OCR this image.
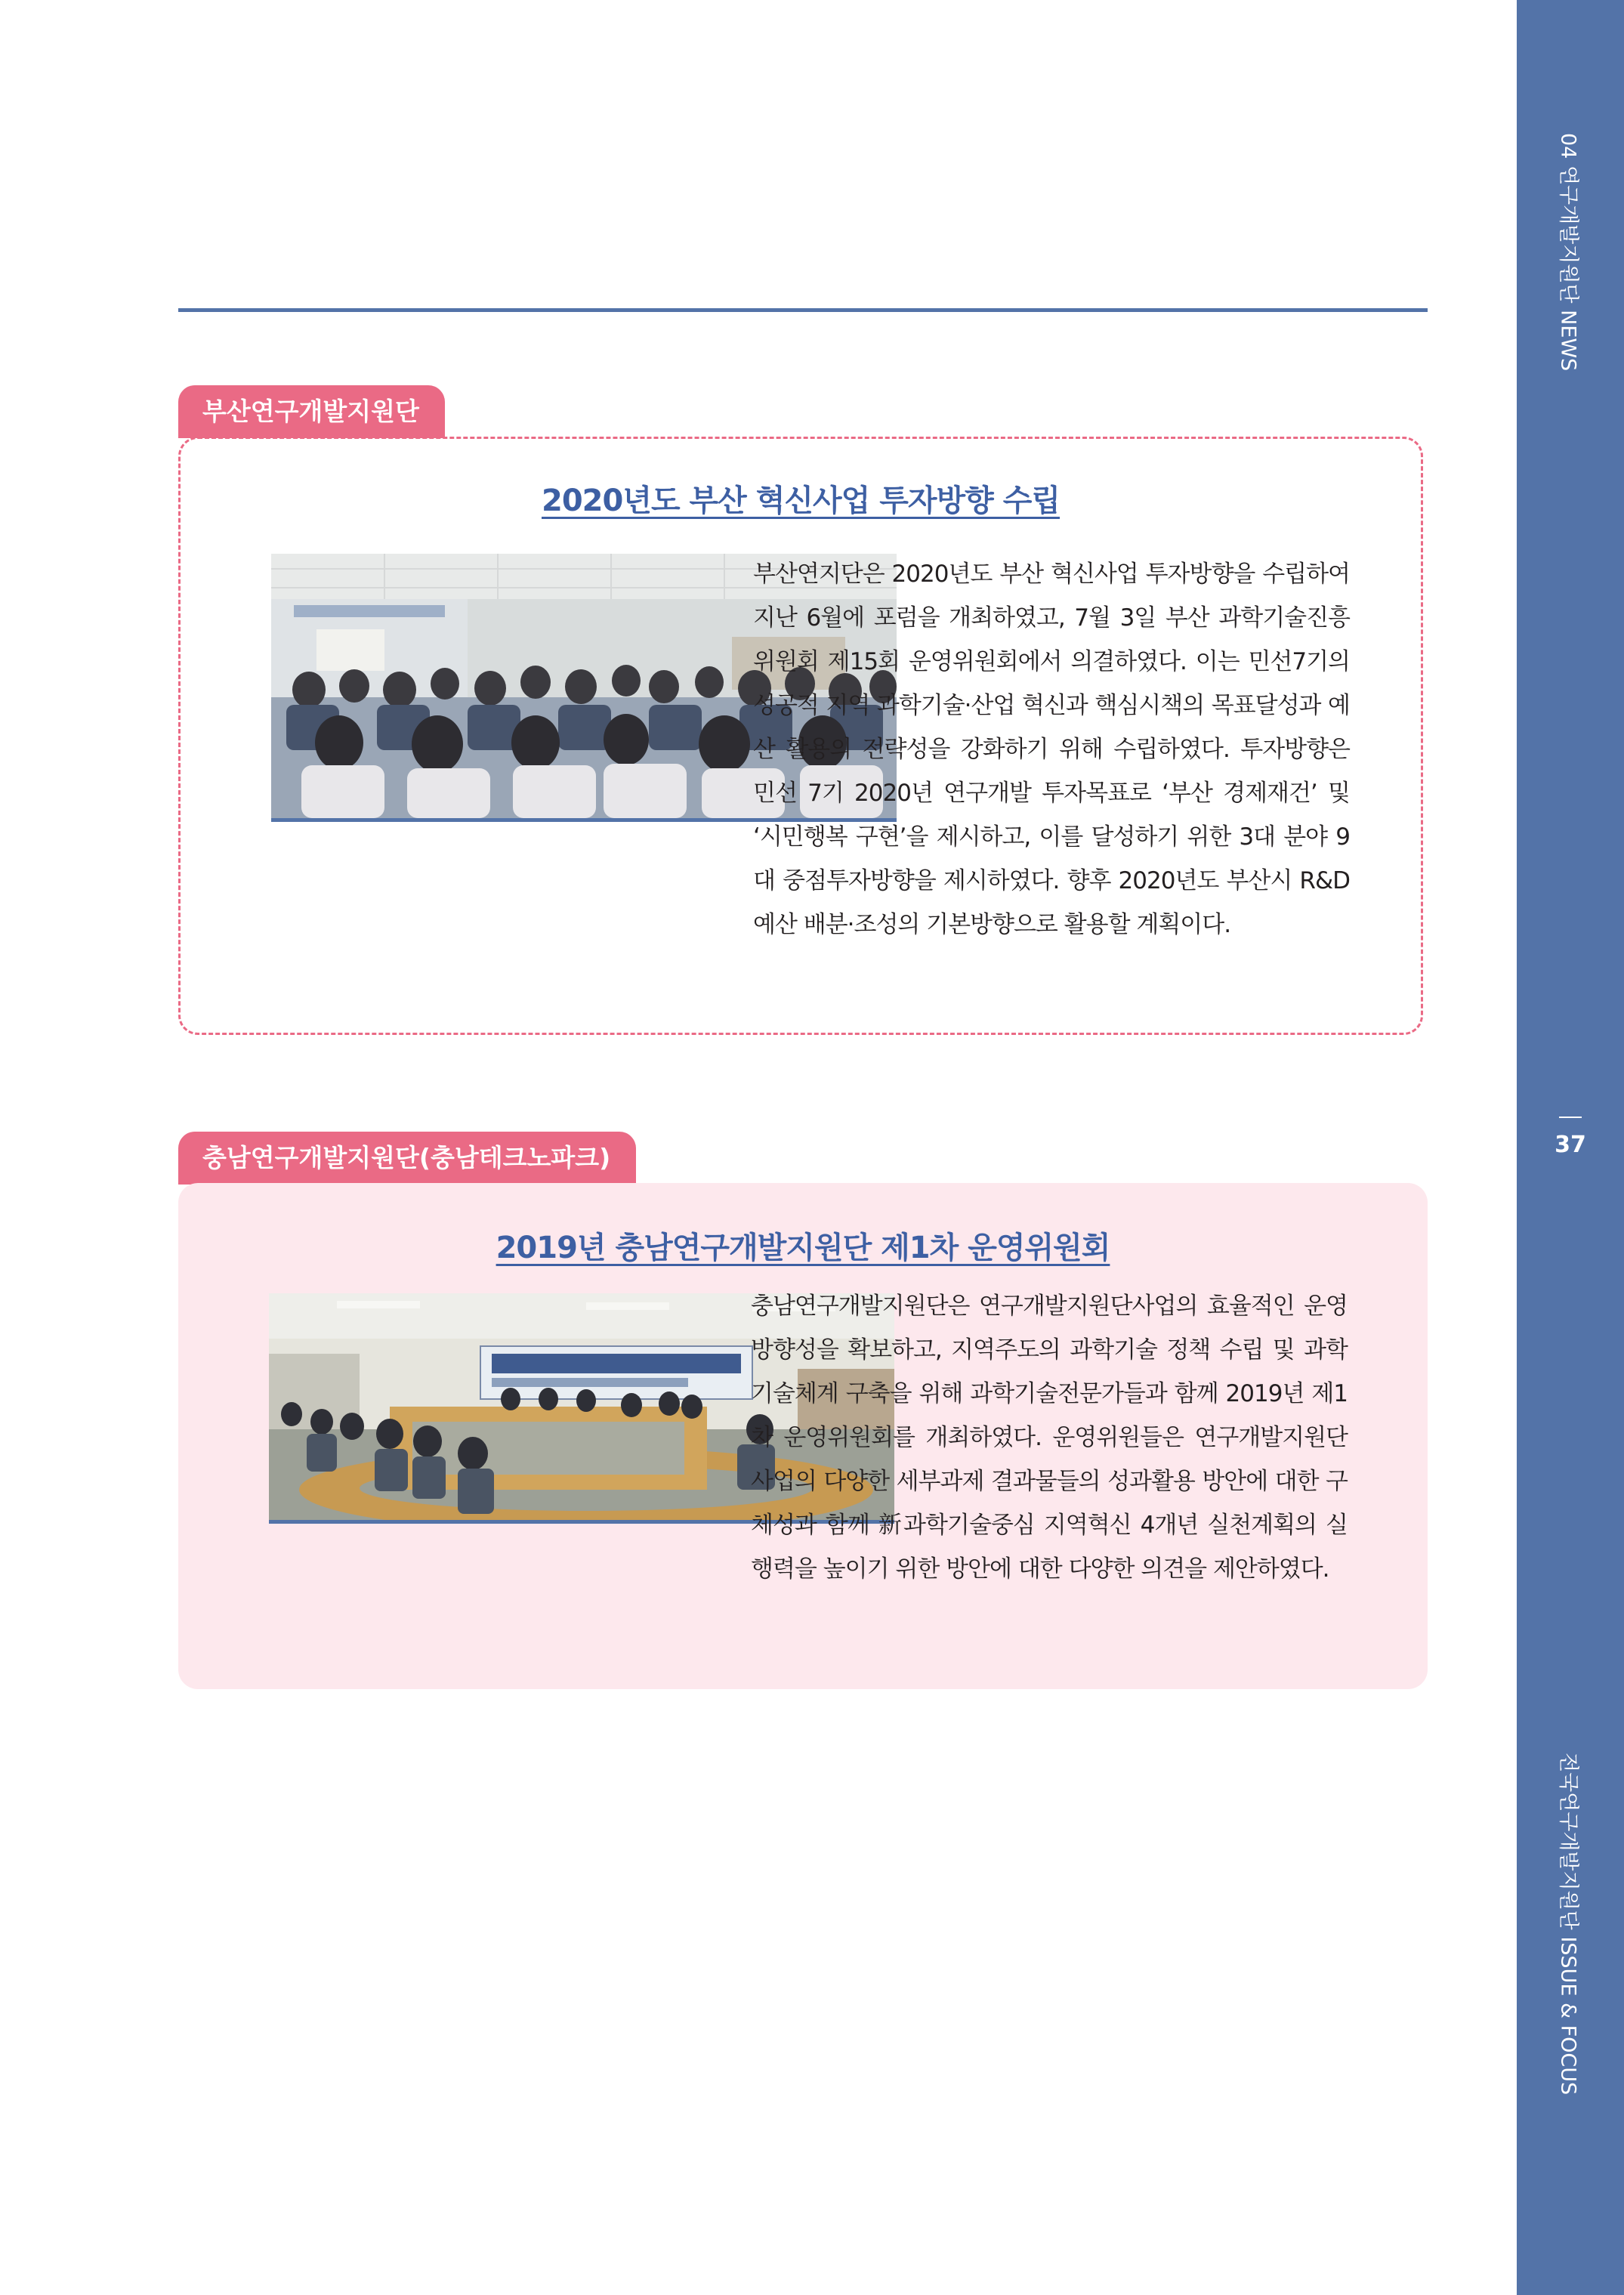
04 연구개발지원단 NEWS
37
전국연구개발지원단 ISSUE & FOCUS
부산연구개발지원단
2020년도 부산 혁신사업 투자방향 수립
부산연지단은 2020년도 부산 혁신사업 투자방향을 수립하여 지난 6월에 포럼을 개최하였고, 7월 3일 부산 과학기술진흥위원회 제15회 운영위원회에서 의결하였다. 이는 민선7기의 성공적 지역 과학기술·산업 혁신과 핵심시책의 목표달성과 예산 활용의 전략성을 강화하기 위해 수립하였다. 투자방향은 민선 7기 2020년 연구개발 투자목표로 ‘부산 경제재건’ 및 ‘시민행복 구현’을 제시하고, 이를 달성하기 위한 3대 분야 9대 중점투자방향을 제시하였다. 향후 2020년도 부산시 R&D 예산 배분·조성의 기본방향으로 활용할 계획이다.
충남연구개발지원단(충남테크노파크)
2019년 충남연구개발지원단 제1차 운영위원회
충남연구개발지원단은 연구개발지원단사업의 효율적인 운영 방향성을 확보하고, 지역주도의 과학기술 정책 수립 및 과학기술체계 구축을 위해 과학기술전문가들과 함께 2019년 제1차 운영위원회를 개최하였다. 운영위원들은 연구개발지원단 사업의 다양한 세부과제 결과물들의 성과활용 방안에 대한 구체성과 함께 新과학기술중심 지역혁신 4개년 실천계획의 실행력을 높이기 위한 방안에 대한 다양한 의견을 제안하였다.
